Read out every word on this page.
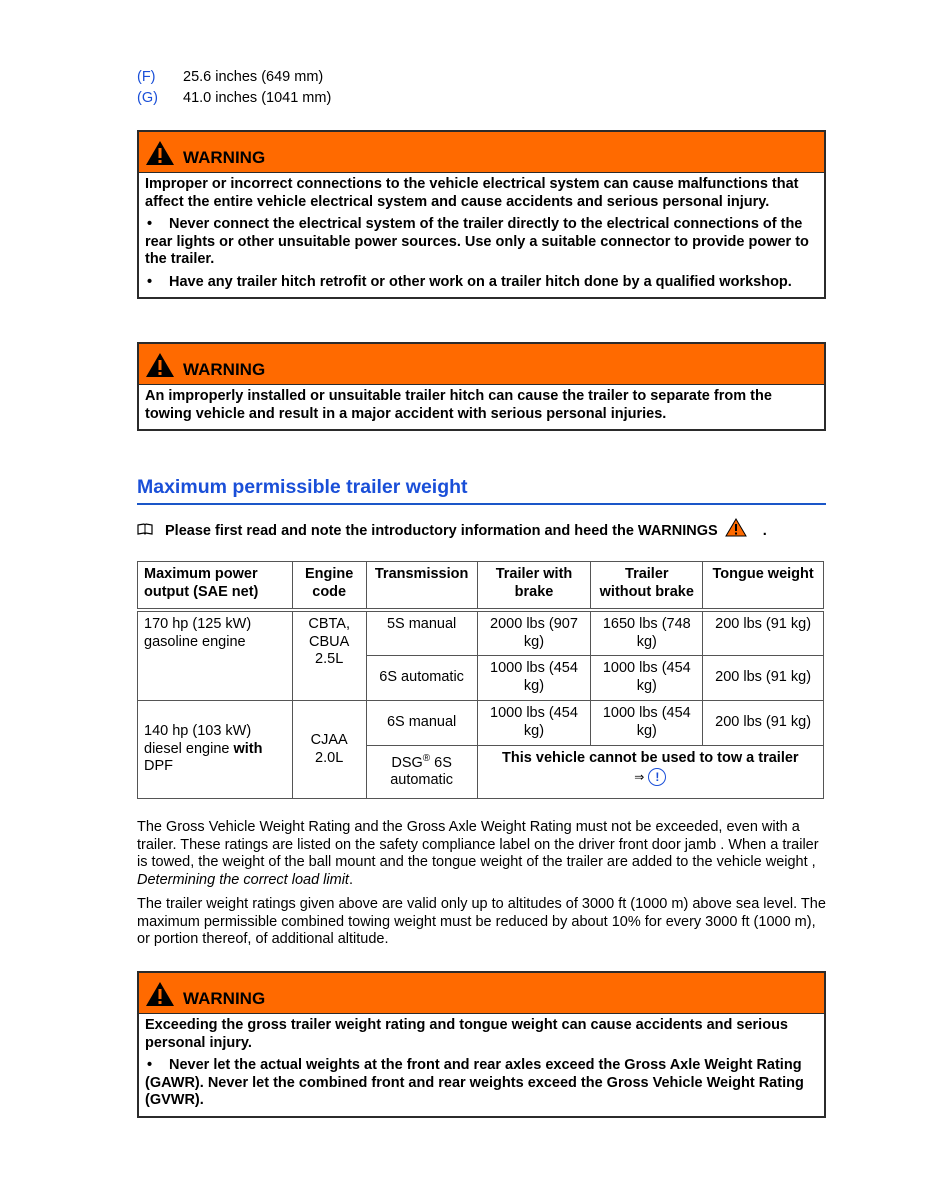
(F) 25.6 inches (649 mm)
(G) 41.0 inches (1041 mm)
WARNING

Improper or incorrect connections to the vehicle electrical system can cause malfunctions that affect the entire vehicle electrical system and cause accidents and serious personal injury.

• Never connect the electrical system of the trailer directly to the electrical connections of the rear lights or other unsuitable power sources. Use only a suitable connector to provide power to the trailer.

• Have any trailer hitch retrofit or other work on a trailer hitch done by a qualified workshop.

WARNING

An improperly installed or unsuitable trailer hitch can cause the trailer to separate from the towing vehicle and result in a major accident with serious personal injuries.

Maximum permissible trailer weight
Please first read and note the introductory information and heed the WARNINGS	.
Maximum power output (SAE net)	Engine code	Transmission	Trailer with brake	Trailer without brake	Tongue weight
170 hp (125 kW) gasoline engine	CBTA, CBUA 2.5L	5S manual	2000 lbs (907 kg)	1650 lbs (748 kg)	200 lbs (91 kg)
		6S automatic	1000 lbs (454 kg)	1000 lbs (454 kg)	200 lbs (91 kg)
140 hp (103 kW) diesel engine with DPF	CJAA 2.0L	6S manual	1000 lbs (454 kg)	1000 lbs (454 kg)	200 lbs (91 kg)
		DSG® 6S automatic	This vehicle cannot be used to tow a trailer
⇒ !		
The Gross Vehicle Weight Rating and the Gross Axle Weight Rating must not be exceeded, even with a trailer. These ratings are listed on the safety compliance label on the driver front door jamb . When a trailer is towed, the weight of the ball mount and the tongue weight of the trailer are added to the vehicle weight , Determining the correct load limit.
The trailer weight ratings given above are valid only up to altitudes of 3000 ft (1000 m) above sea level. The maximum permissible combined towing weight must be reduced by about 10% for every 3000 ft (1000 m), or portion thereof, of additional altitude.
WARNING

Exceeding the gross trailer weight rating and tongue weight can cause accidents and serious personal injury.

• Never let the actual weights at the front and rear axles exceed the Gross Axle Weight Rating (GAWR). Never let the combined front and rear weights exceed the Gross Vehicle Weight Rating (GVWR).
